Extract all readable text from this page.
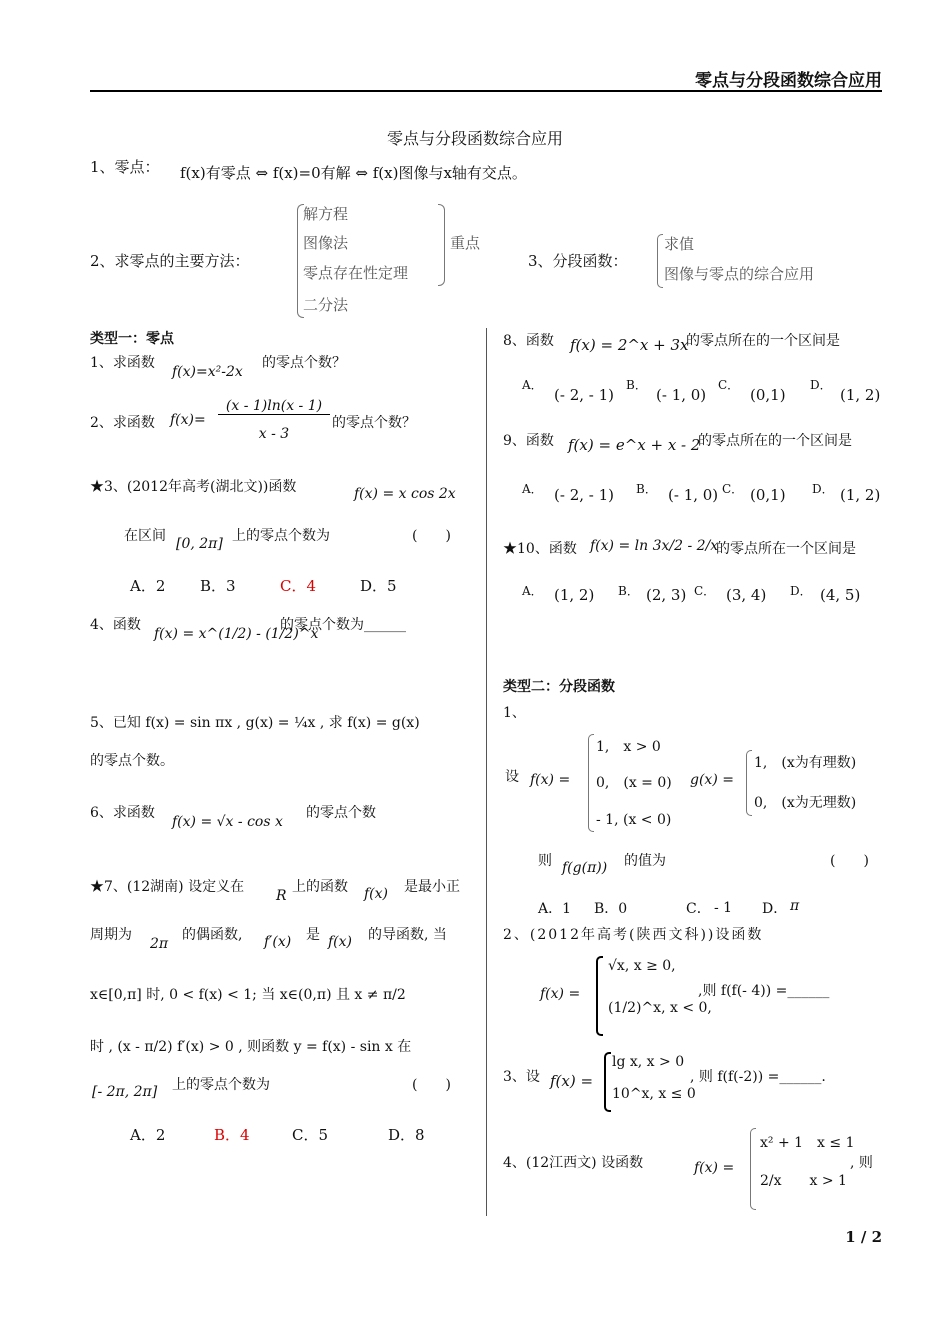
零点与分段函数综合应用
零点与分段函数综合应用
1、零点： f(x)有零点 ⇔ f(x)=0有解 ⇔ f(x)图像与x轴有交点。
解方程
图像法
零点存在性定理
二分法
重点
2、求零点的主要方法：	3、分段函数：
求值
图像与零点的综合应用
类型一：零点
1、求函数
f(x)=x²-2x
的零点个数？
2、求函数 f(x)=
(x - 1)ln(x - 1)
x - 3
的零点个数？
★3、(2012年高考(湖北文))函数	f(x) = x cos 2x
在区间 [0, 2π] 上的零点个数为	(　　)
A．2 B．3	C．4	D．5
4、函数
f(x) = x^(1/2) - (1/2)^x
的零点个数为______
5、已知 f(x) = sin πx , g(x) = ¼x , 求 f(x) = g(x)
的零点个数。
6、求函数
f(x) = √x - cos x
的零点个数
★7、(12湖南) 设定义在
R
上的函数 f(x) 是最小正
周期为
2π
的偶函数, f′(x) 是 f(x) 的导函数, 当
x∈[0,π] 时, 0 < f(x) < 1; 当 x∈(0,π) 且 x ≠ π/2
时 , (x - π/2) f′(x) > 0 , 则函数 y = f(x) - sin x 在
[- 2π, 2π] 上的零点个数为	(　　)
A．2	B．4	C．5	D．8
8、函数 f(x) = 2^x + 3x
的零点所在的一个区间是
A．
(- 2, - 1)
B．
(- 1, 0)
C．
(0,1)
D．
(1, 2)
9、函数 f(x) = e^x + x - 2
的零点所在的一个区间是
A． (- 2, - 1) B． (- 1, 0) C． (0,1) D． (1, 2)
★10、函数 f(x) = ln 3x/2 - 2/x
的零点所在一个区间是
A． (1, 2) B． (2, 3) C． (3, 4) D． (4, 5)
类型二：分段函数
1、
设 f(x) =
1,　x > 0
0,　(x = 0)
- 1, (x < 0)
g(x) =
1,　(x为有理数)
0,　(x为无理数)
则 f(g(π)) 的值为	(　　)
A．1 B．0	C． - 1 D． π
2、(2012年高考(陕西文科))设函数
f(x) =
√x, x ≥ 0,
(1/2)^x, x < 0,
,则 f(f(- 4)) =______
3、设 f(x) =
lg x, x > 0
10^x, x ≤ 0
, 则 f(f(-2)) =______.
4、(12江西文) 设函数	f(x) =
x² + 1　x ≤ 1
2/x　　x > 1
, 则
1 / 2
